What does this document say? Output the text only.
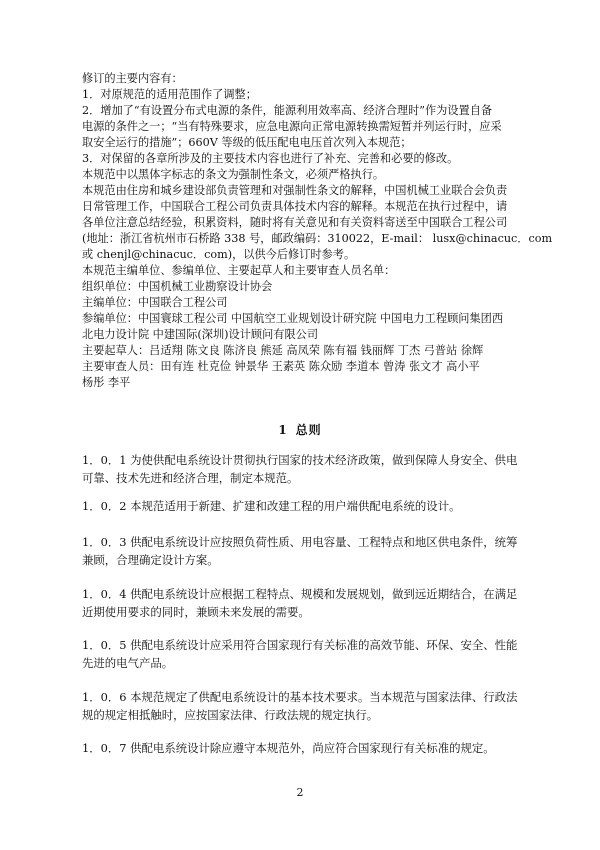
修订的主要内容有：
1．对原规范的适用范围作了调整；
2．增加了“有设置分布式电源的条件，能源利用效率高、经济合理时”作为设置自备
电源的条件之一；“当有特殊要求，应急电源向正常电源转换需短暂并列运行时，应采
取安全运行的措施”；660V 等级的低压配电电压首次列入本规范；
3．对保留的各章所涉及的主要技术内容也进行了补充、完善和必要的修改。
本规范中以黑体字标志的条文为强制性条文，必须严格执行。
本规范由住房和城乡建设部负责管理和对强制性条文的解释，中国机械工业联合会负责
日常管理工作，中国联合工程公司负责具体技术内容的解释。本规范在执行过程中，请
各单位注意总结经验，积累资料，随时将有关意见和有关资料寄送至中国联合工程公司
(地址：浙江省杭州市石桥路 338 号，邮政编码：310022，E-mail： lusx@chinacuc．com
或 chenjl@chinacuc．com)，以供今后修订时参考。
本规范主编单位、参编单位、主要起草人和主要审查人员名单：
组织单位：中国机械工业勘察设计协会
主编单位：中国联合工程公司
参编单位：中国寰球工程公司 中国航空工业规划设计研究院 中国电力工程顾问集团西
北电力设计院 中建国际(深圳)设计顾问有限公司
主要起草人：吕适翔 陈文良 陈济良 熊延 高凤荣 陈有福 钱丽辉 丁杰 弓普站 徐辉
主要审查人员：田有连 杜克俭 钟景华 王素英 陈众励 李道本 曾涛 张文才 高小平
杨彤 李平
1 总则
1．0．1 为使供配电系统设计贯彻执行国家的技术经济政策，做到保障人身安全、供电
可靠、技术先进和经济合理，制定本规范。
1．0．2 本规范适用于新建、扩建和改建工程的用户端供配电系统的设计。
1．0．3 供配电系统设计应按照负荷性质、用电容量、工程特点和地区供电条件，统筹
兼顾，合理确定设计方案。
1．0．4 供配电系统设计应根据工程特点、规模和发展规划，做到远近期结合，在满足
近期使用要求的同时，兼顾未来发展的需要。
1．0．5 供配电系统设计应采用符合国家现行有关标准的高效节能、环保、安全、性能
先进的电气产品。
1．0．6 本规范规定了供配电系统设计的基本技术要求。当本规范与国家法律、行政法
规的规定相抵触时，应按国家法律、行政法规的规定执行。
1．0．7 供配电系统设计除应遵守本规范外，尚应符合国家现行有关标准的规定。
2
